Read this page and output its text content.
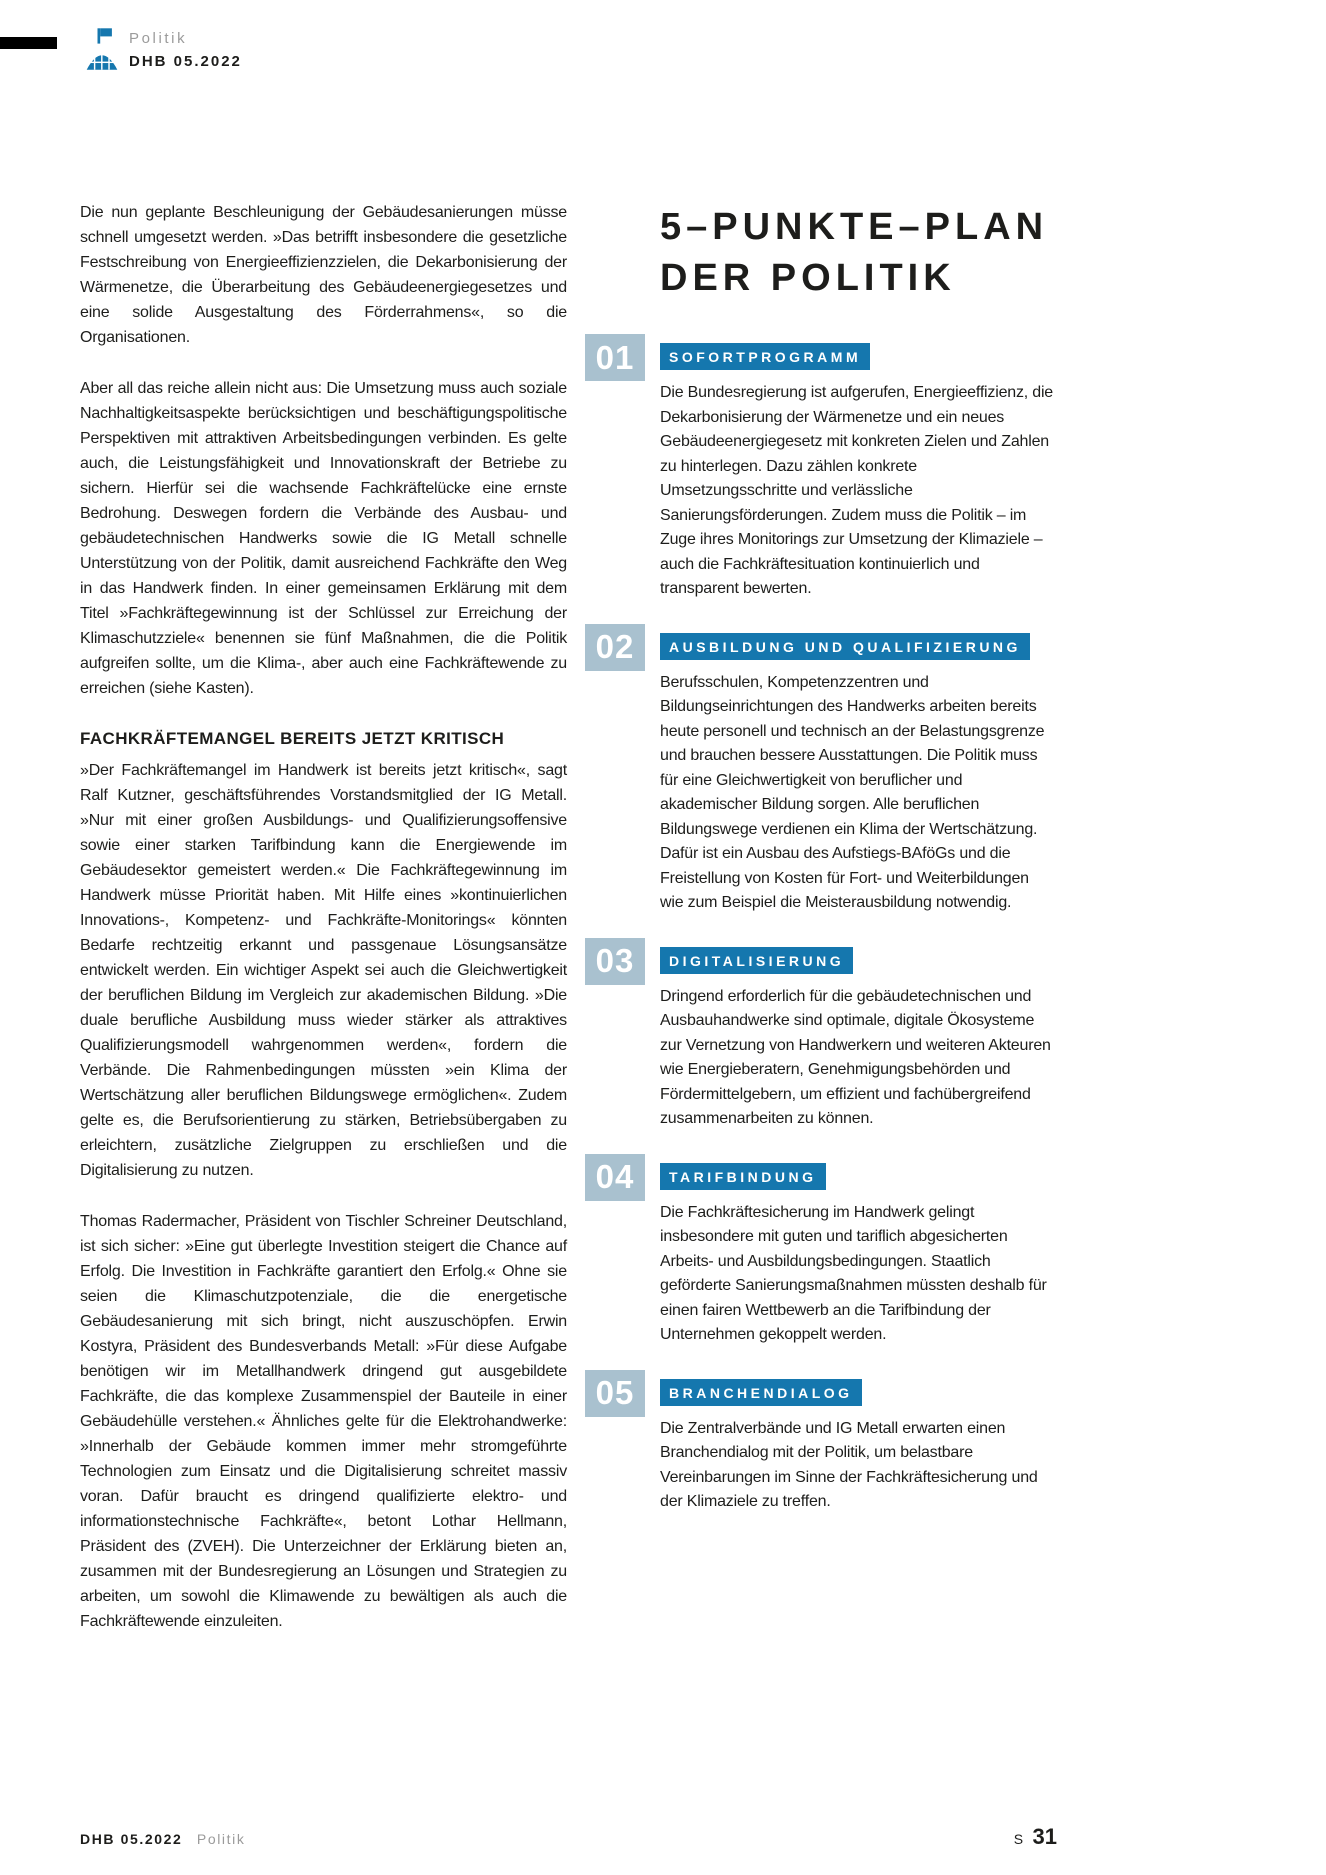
Politik
DHB 05.2022

Die nun geplante Beschleunigung der Gebäudesanierungen müsse schnell umgesetzt werden. »Das betrifft insbesondere die gesetzliche Festschreibung von Energieeffizienzzielen, die Dekarbonisierung der Wärmenetze, die Überarbeitung des Gebäudeenergiegesetzes und eine solide Ausgestaltung des Förderrahmens«, so die Organisationen.

Aber all das reiche allein nicht aus: Die Umsetzung muss auch soziale Nachhaltigkeitsaspekte berücksichtigen und beschäftigungspolitische Perspektiven mit attraktiven Arbeitsbedingungen verbinden. Es gelte auch, die Leistungsfähigkeit und Innovationskraft der Betriebe zu sichern. Hierfür sei die wachsende Fachkräftelücke eine ernste Bedrohung. Deswegen fordern die Verbände des Ausbau- und gebäudetechnischen Handwerks sowie die IG Metall schnelle Unterstützung von der Politik, damit ausreichend Fachkräfte den Weg in das Handwerk finden. In einer gemeinsamen Erklärung mit dem Titel »Fachkräftegewinnung ist der Schlüssel zur Erreichung der Klimaschutzziele« benennen sie fünf Maßnahmen, die die Politik aufgreifen sollte, um die Klima-, aber auch eine Fachkräftewende zu erreichen (siehe Kasten).

FACHKRÄFTEMANGEL BEREITS JETZT KRITISCH

»Der Fachkräftemangel im Handwerk ist bereits jetzt kritisch«, sagt Ralf Kutzner, geschäftsführendes Vorstandsmitglied der IG Metall. »Nur mit einer großen Ausbildungs- und Qualifizierungsoffensive sowie einer starken Tarifbindung kann die Energiewende im Gebäudesektor gemeistert werden.« Die Fachkräftegewinnung im Handwerk müsse Priorität haben. Mit Hilfe eines »kontinuierlichen Innovations-, Kompetenz- und Fachkräfte-Monitorings« könnten Bedarfe rechtzeitig erkannt und passgenaue Lösungsansätze entwickelt werden. Ein wichtiger Aspekt sei auch die Gleichwertigkeit der beruflichen Bildung im Vergleich zur akademischen Bildung. »Die duale berufliche Ausbildung muss wieder stärker als attraktives Qualifizierungsmodell wahrgenommen werden«, fordern die Verbände. Die Rahmenbedingungen müssten »ein Klima der Wertschätzung aller beruflichen Bildungswege ermöglichen«. Zudem gelte es, die Berufsorientierung zu stärken, Betriebsübergaben zu erleichtern, zusätzliche Zielgruppen zu erschließen und die Digitalisierung zu nutzen.

Thomas Radermacher, Präsident von Tischler Schreiner Deutschland, ist sich sicher: »Eine gut überlegte Investition steigert die Chance auf Erfolg. Die Investition in Fachkräfte garantiert den Erfolg.« Ohne sie seien die Klimaschutzpotenziale, die die energetische Gebäudesanierung mit sich bringt, nicht auszuschöpfen. Erwin Kostyra, Präsident des Bundesverbands Metall: »Für diese Aufgabe benötigen wir im Metallhandwerk dringend gut ausgebildete Fachkräfte, die das komplexe Zusammenspiel der Bauteile in einer Gebäudehülle verstehen.« Ähnliches gelte für die Elektrohandwerke: »Innerhalb der Gebäude kommen immer mehr stromgeführte Technologien zum Einsatz und die Digitalisierung schreitet massiv voran. Dafür braucht es dringend qualifizierte elektro- und informationstechnische Fachkräfte«, betont Lothar Hellmann, Präsident des (ZVEH). Die Unterzeichner der Erklärung bieten an, zusammen mit der Bundesregierung an Lösungen und Strategien zu arbeiten, um sowohl die Klimawende zu bewältigen als auch die Fachkräftewende einzuleiten.

5–PUNKTE–PLAN
DER POLITIK
01	SOFORTPROGRAMM

Die Bundesregierung ist aufgerufen, Energieeffizienz, die Dekarbonisierung der Wärmenetze und ein neues Gebäudeenergiegesetz mit konkreten Zielen und Zahlen zu hinterlegen. Dazu zählen konkrete Umsetzungsschritte und verlässliche Sanierungsförderungen. Zudem muss die Politik – im Zuge ihres Monitorings zur Umsetzung der Klimaziele – auch die Fachkräftesituation kontinuierlich und transparent bewerten.

02	AUSBILDUNG UND QUALIFIZIERUNG

Berufsschulen, Kompetenzzentren und Bildungseinrichtungen des Handwerks arbeiten bereits heute personell und technisch an der Belastungsgrenze und brauchen bessere Ausstattungen. Die Politik muss für eine Gleichwertigkeit von beruflicher und akademischer Bildung sorgen. Alle beruflichen Bildungswege verdienen ein Klima der Wertschätzung. Dafür ist ein Ausbau des Aufstiegs-BAföGs und die Freistellung von Kosten für Fort- und Weiterbildungen wie zum Beispiel die Meisterausbildung notwendig.

03	DIGITALISIERUNG

Dringend erforderlich für die gebäudetechnischen und Ausbauhandwerke sind optimale, digitale Ökosysteme zur Vernetzung von Handwerkern und weiteren Akteuren wie Energieberatern, Genehmigungsbehörden und Fördermittelgebern, um effizient und fachübergreifend zusammenarbeiten zu können.

04	TARIFBINDUNG

Die Fachkräftesicherung im Handwerk gelingt insbesondere mit guten und tariflich abgesicherten Arbeits- und Ausbildungsbedingungen. Staatlich geförderte Sanierungsmaßnahmen müssten deshalb für einen fairen Wettbewerb an die Tarifbindung der Unternehmen gekoppelt werden.

05	BRANCHENDIALOG

Die Zentralverbände und IG Metall erwarten einen Branchendialog mit der Politik, um belastbare Vereinbarungen im Sinne der Fachkräftesicherung und der Klimaziele zu treffen.

DHB 05.2022 Politik	S 31
